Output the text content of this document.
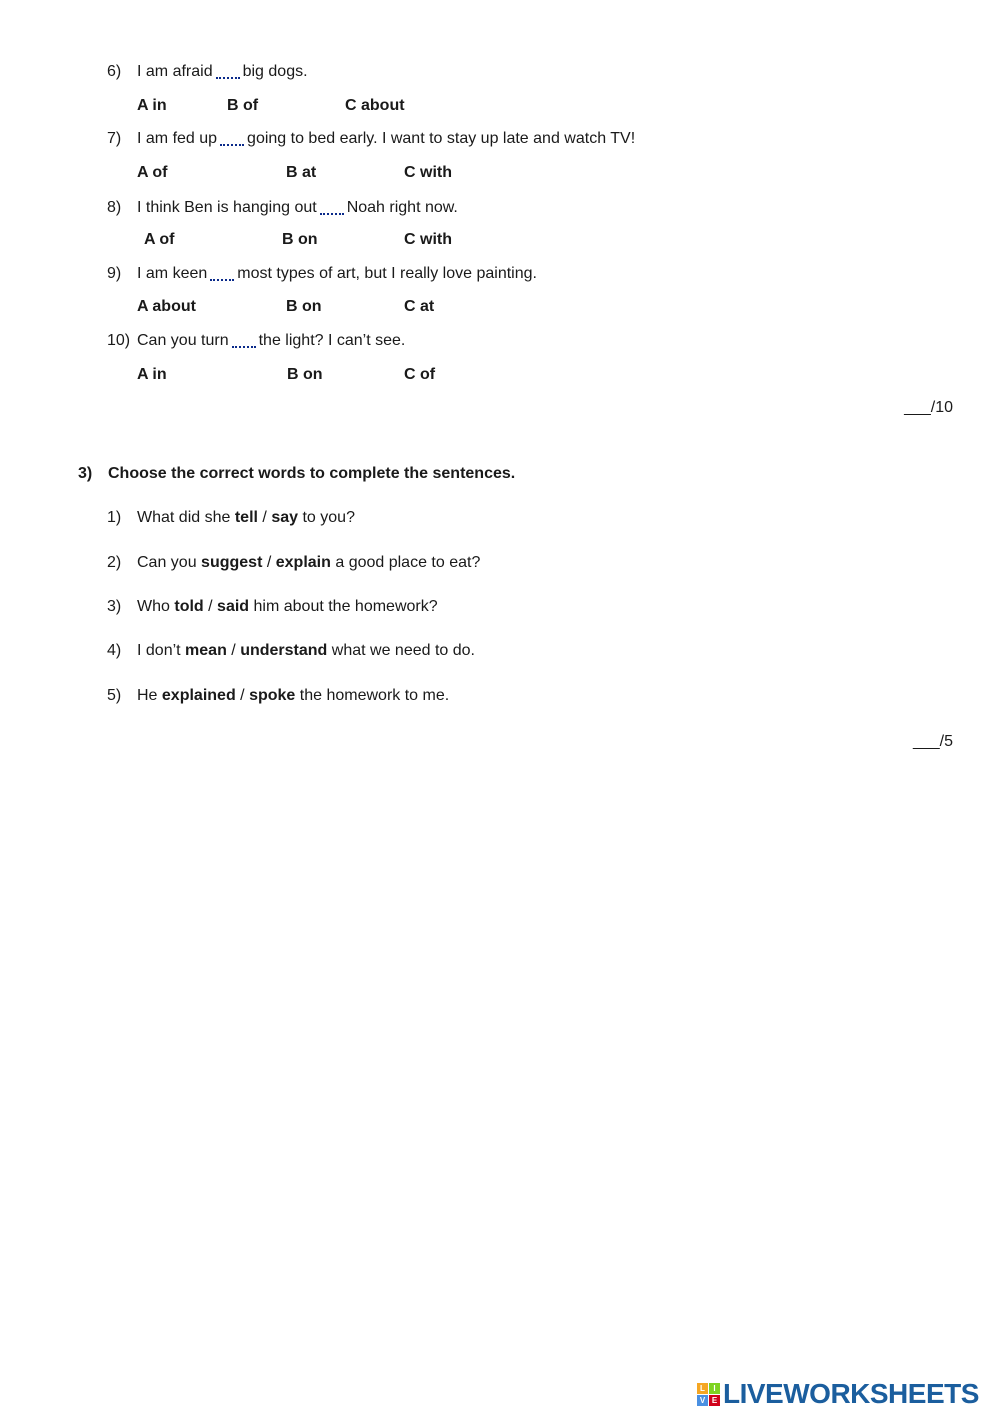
6) I am afraid big dogs.
A in	B of	C about
7) I am fed up going to bed early. I want to stay up late and watch TV!
A of	B at	C with
8) I think Ben is hanging out Noah right now.
A of	B on	C with
9) I am keen most types of art, but I really love painting.
A about	B on	C at
10) Can you turn the light? I can’t see.
A in	B on	C of
___/10
3) Choose the correct words to complete the sentences.
1) What did she tell / say to you?
2) Can you suggest / explain a good place to eat?
3) Who told / said him about the homework?
4) I don’t mean / understand what we need to do.
5) He explained / spoke the homework to me.
___/5
L	I
V E LIVEWORKSHEETS
